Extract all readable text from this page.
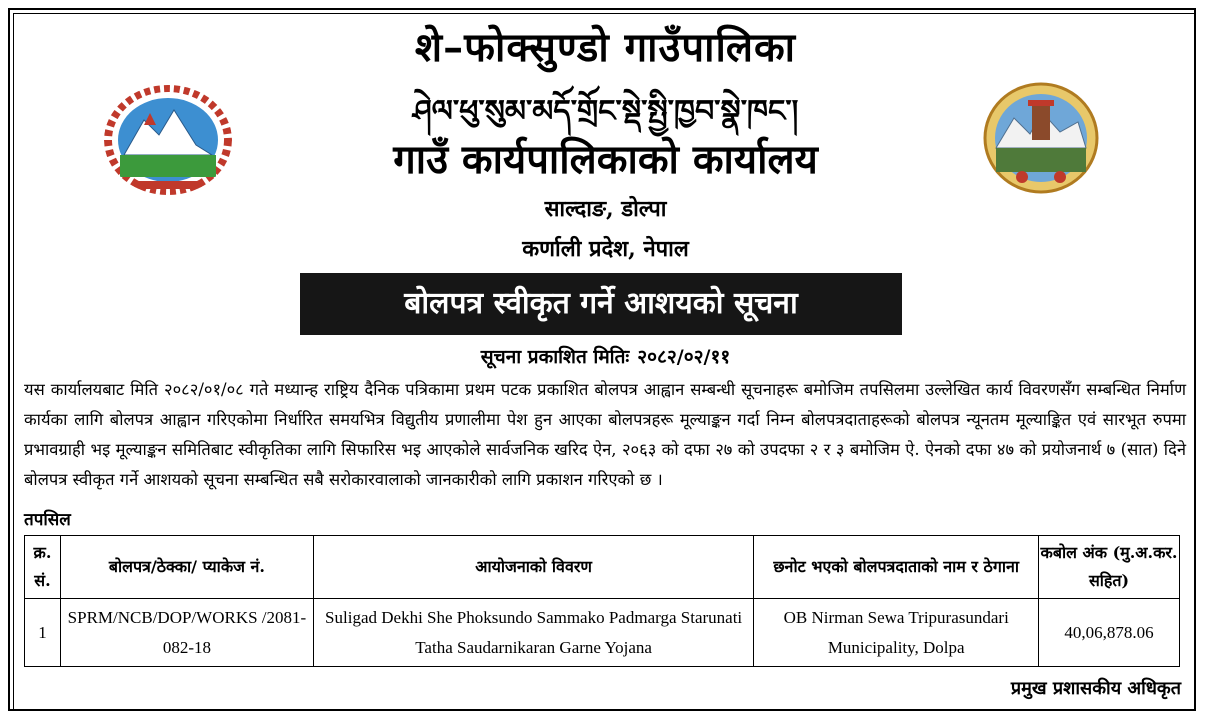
शे–फोक्सुण्डो गाउँपालिका
ཤེལ་ཕུ་སུམ་མདོ་གྲོང་སྡེ་སྤྱི་ཁྱབ་སྣེ་ཁང་།
गाउँ कार्यपालिकाको कार्यालय
साल्दाङ, डोल्पा
कर्णाली प्रदेश, नेपाल
बोलपत्र स्वीकृत गर्ने आशयको सूचना
सूचना प्रकाशित मितिः २०८२/०२/११
यस कार्यालयबाट मिति २०८२/०१/०८ गते मध्यान्ह राष्ट्रिय दैनिक पत्रिकामा प्रथम पटक प्रकाशित बोलपत्र आह्वान सम्बन्धी सूचनाहरू बमोजिम तपसिलमा उल्लेखित कार्य विवरणसँग सम्बन्धित निर्माण कार्यका लागि बोलपत्र आह्वान गरिएकोमा निर्धारित समयभित्र विद्युतीय प्रणालीमा पेश हुन आएका बोलपत्रहरू मूल्याङ्कन गर्दा निम्न बोलपत्रदाताहरूको बोलपत्र न्यूनतम मूल्याङ्कित एवं सारभूत रुपमा प्रभावग्राही भइ मूल्याङ्कन समितिबाट स्वीकृतिका लागि सिफारिस भइ आएकोले सार्वजनिक खरिद ऐन, २०६३ को दफा २७ को उपदफा २ र ३ बमोजिम ऐ. ऐनको दफा ४७ को प्रयोजनार्थ ७ (सात) दिने बोलपत्र स्वीकृत गर्ने आशयको सूचना सम्बन्धित सबै सरोकारवालाको जानकारीको लागि प्रकाशन गरिएको छ ।
तपसिल
क्र. सं.	बोलपत्र/ठेक्का/ प्याकेज नं.	आयोजनाको विवरण	छनोट भएको बोलपत्रदाताको नाम र ठेगाना	कबोल अंक (मु.अ.कर. सहित)
1	SPRM/NCB/DOP/WORKS /2081-082-18	Suligad Dekhi She Phoksundo Sammako Padmarga Starunati Tatha Saudarnikaran Garne Yojana	OB Nirman Sewa Tripurasundari Municipality, Dolpa	40,06,878.06
प्रमुख प्रशासकीय अधिकृत
